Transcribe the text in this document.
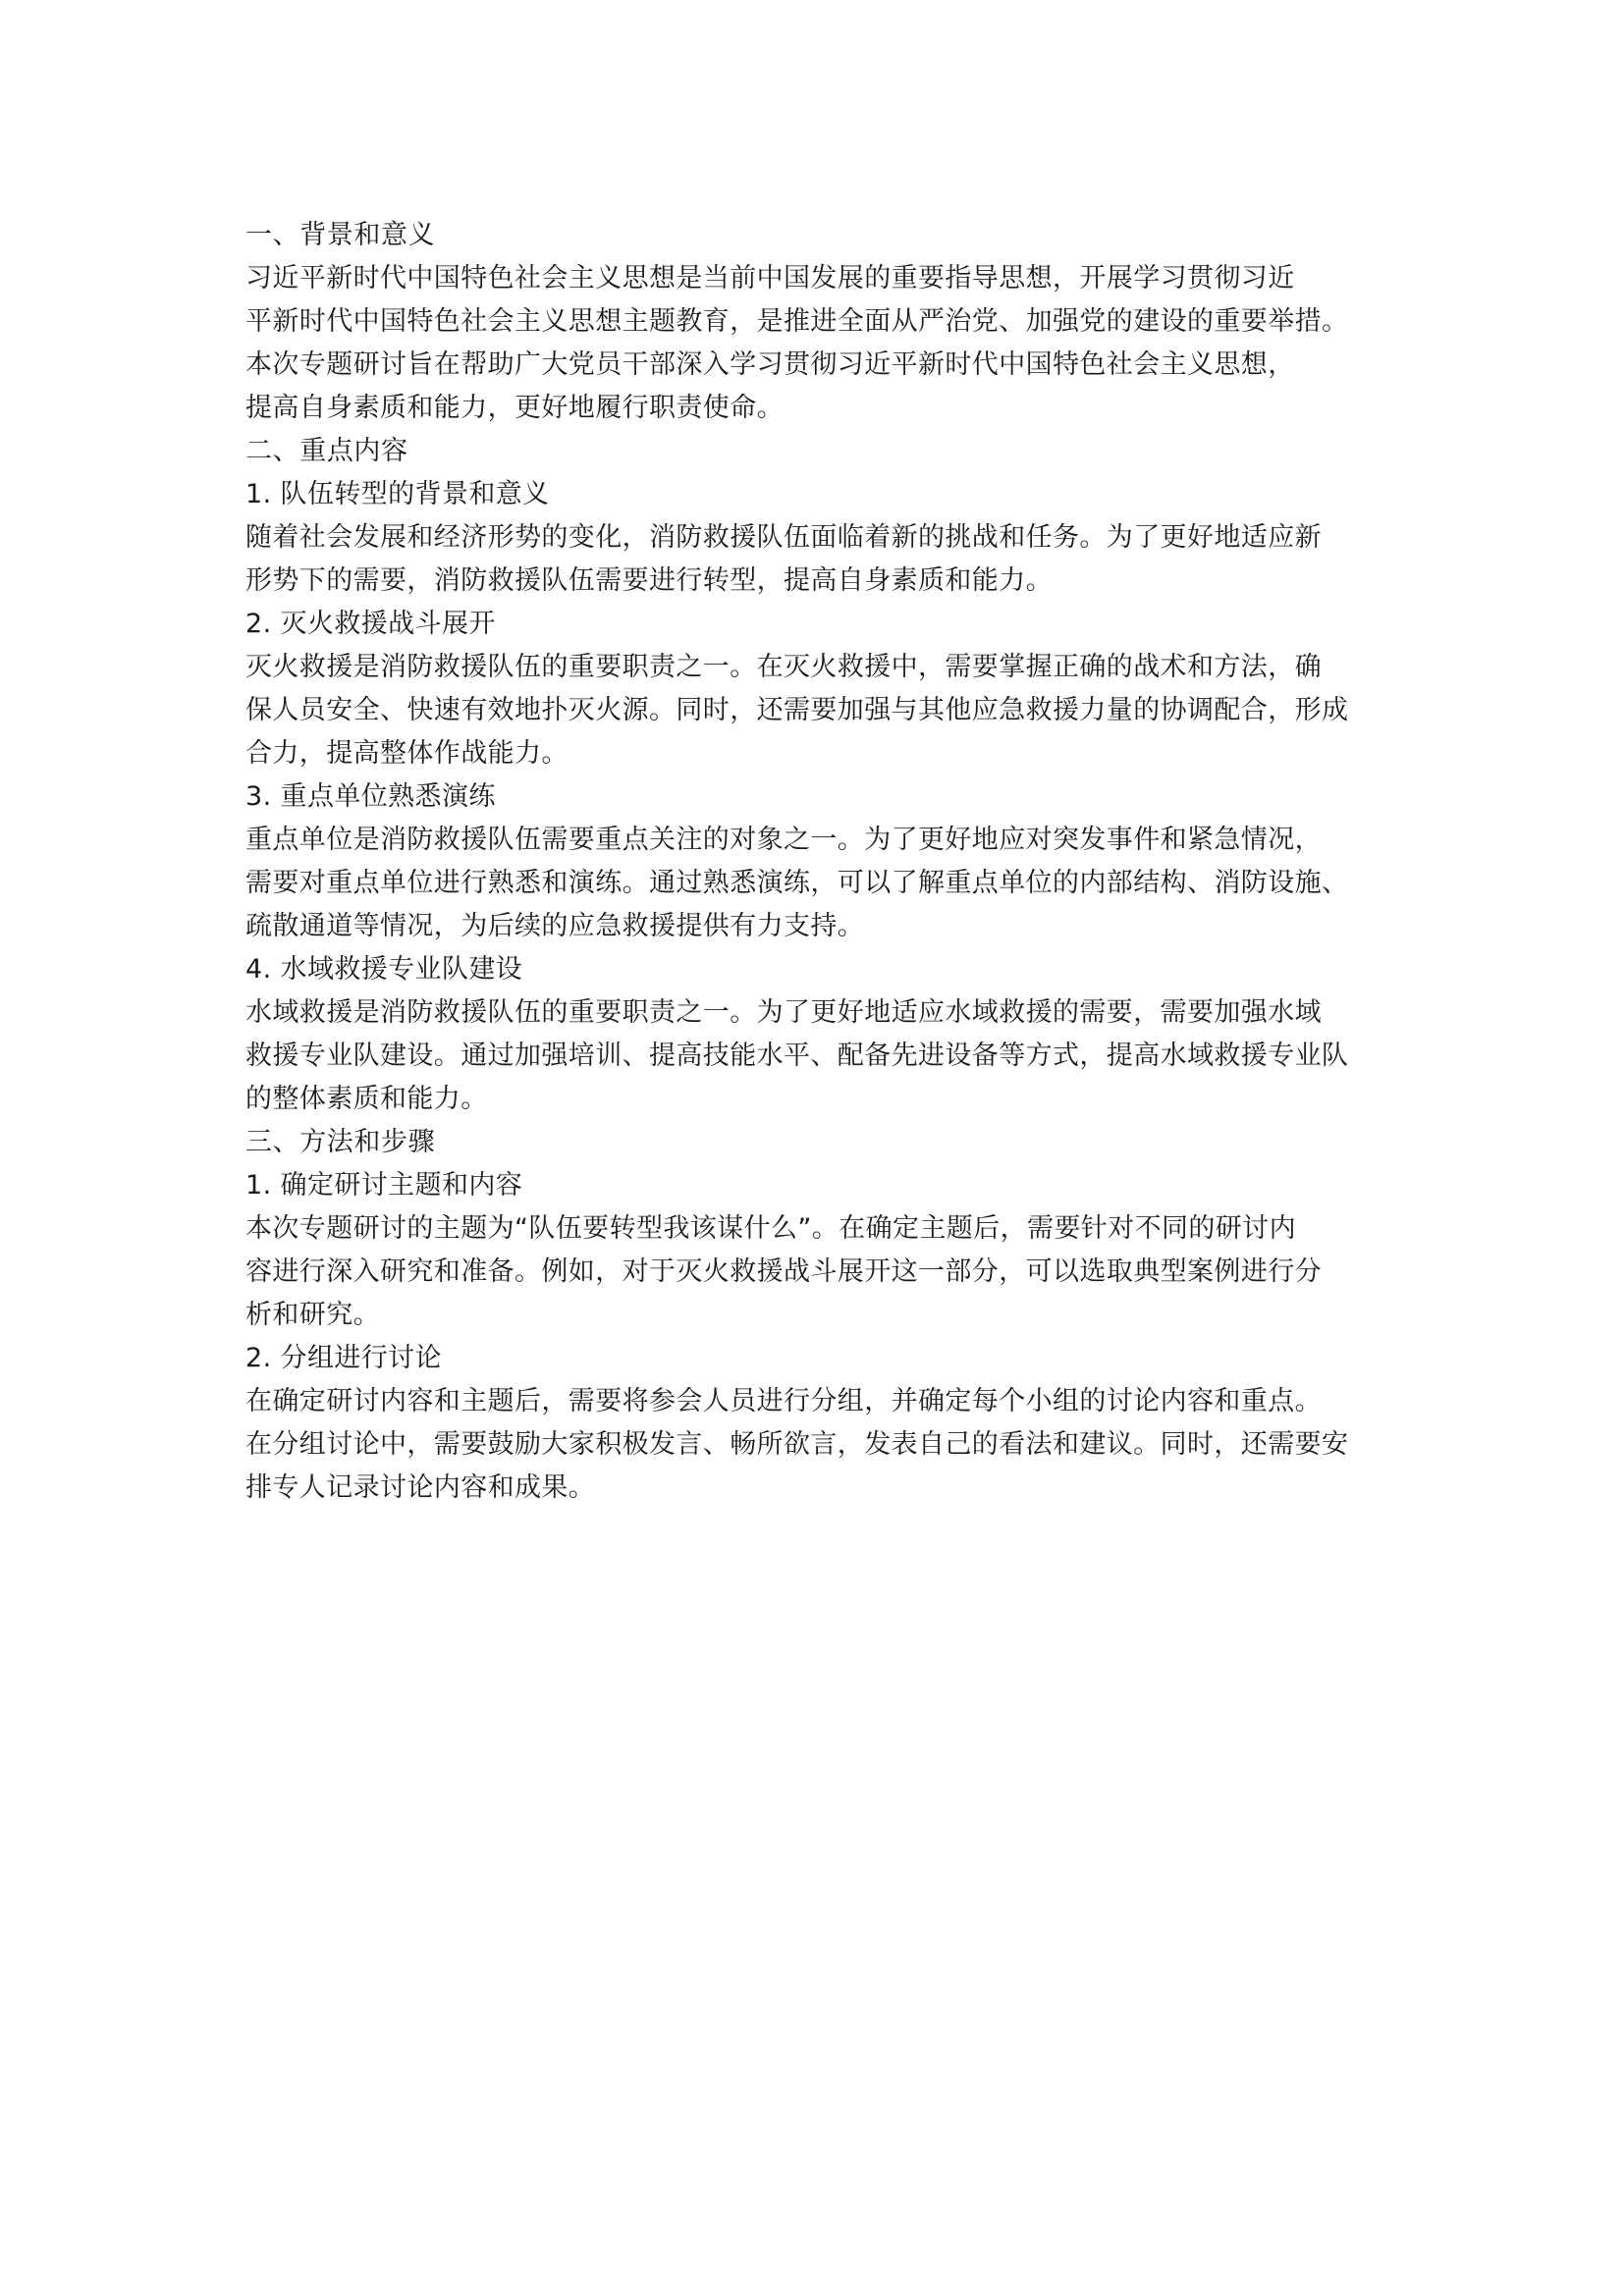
一、背景和意义
习近平新时代中国特色社会主义思想是当前中国发展的重要指导思想，开展学习贯彻习近
平新时代中国特色社会主义思想主题教育，是推进全面从严治党、加强党的建设的重要举措。
本次专题研讨旨在帮助广大党员干部深入学习贯彻习近平新时代中国特色社会主义思想，
提高自身素质和能力，更好地履行职责使命。
二、重点内容
1. 队伍转型的背景和意义
随着社会发展和经济形势的变化，消防救援队伍面临着新的挑战和任务。为了更好地适应新
形势下的需要，消防救援队伍需要进行转型，提高自身素质和能力。
2. 灭火救援战斗展开
灭火救援是消防救援队伍的重要职责之一。在灭火救援中，需要掌握正确的战术和方法，确
保人员安全、快速有效地扑灭火源。同时，还需要加强与其他应急救援力量的协调配合，形成
合力，提高整体作战能力。
3. 重点单位熟悉演练
重点单位是消防救援队伍需要重点关注的对象之一。为了更好地应对突发事件和紧急情况，
需要对重点单位进行熟悉和演练。通过熟悉演练，可以了解重点单位的内部结构、消防设施、
疏散通道等情况，为后续的应急救援提供有力支持。
4. 水域救援专业队建设
水域救援是消防救援队伍的重要职责之一。为了更好地适应水域救援的需要，需要加强水域
救援专业队建设。通过加强培训、提高技能水平、配备先进设备等方式，提高水域救援专业队
的整体素质和能力。
三、方法和步骤
1. 确定研讨主题和内容
本次专题研讨的主题为“队伍要转型我该谋什么”。在确定主题后，需要针对不同的研讨内
容进行深入研究和准备。例如，对于灭火救援战斗展开这一部分，可以选取典型案例进行分
析和研究。
2. 分组进行讨论
在确定研讨内容和主题后，需要将参会人员进行分组，并确定每个小组的讨论内容和重点。
在分组讨论中，需要鼓励大家积极发言、畅所欲言，发表自己的看法和建议。同时，还需要安
排专人记录讨论内容和成果。
